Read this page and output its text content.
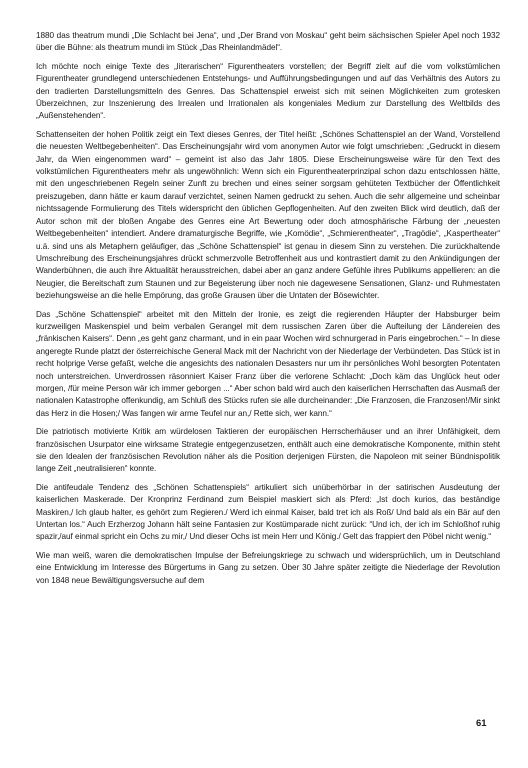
1880 das theatrum mundi „Die Schlacht bei Jena“, und „Der Brand von Moskau“ geht beim sächsischen Spieler Apel noch 1932 über die Bühne: als theatrum mundi im Stück „Das Rheinlandmädel“.

Ich möchte noch einige Texte des „literarischen“ Figurentheaters vorstellen; der Begriff zielt auf die vom volkstümlichen Figurentheater grundlegend unterschiedenen Entstehungs- und Aufführungsbedingungen und auf das Verhältnis des Autors zu den tradierten Darstellungsmitteln des Genres. Das Schattenspiel erweist sich mit seinen Möglichkeiten zum grotesken Überzeichnen, zur Inszenierung des Irrealen und Irrationalen als kongeniales Medium zur Darstellung des Weltbilds des „Außenstehenden“.

Schattenseiten der hohen Politik zeigt ein Text dieses Genres, der Titel heißt: „Schönes Schattenspiel an der Wand, Vorstellend die neuesten Weltbegebenheiten“. Das Erscheinungsjahr wird vom anonymen Autor wie folgt umschrieben: „Gedruckt in diesem Jahr, da Wien eingenommen ward“ – gemeint ist also das Jahr 1805. Diese Erscheinungsweise wäre für den Text des volkstümlichen Figurentheaters mehr als ungewöhnlich: Wenn sich ein Figurentheaterprinzipal schon dazu entschlossen hätte, mit den ungeschriebenen Regeln seiner Zunft zu brechen und eines seiner sorgsam gehüteten Textbücher der Öffentlichkeit preiszugeben, dann hätte er kaum darauf verzichtet, seinen Namen gedruckt zu sehen. Auch die sehr allgemeine und scheinbar nichtssagende Formulierung des Titels widerspricht den üblichen Gepflogenheiten. Auf den zweiten Blick wird deutlich, daß der Autor schon mit der bloßen Angabe des Genres eine Art Bewertung oder doch atmosphärische Färbung der „neuesten Weltbegebenheiten“ intendiert. Andere dramaturgische Begriffe, wie „Komödie“, „Schmierentheater“, „Tragödie“, „Kaspertheater“ u.ä. sind uns als Metaphern geläufiger, das „Schöne Schattenspiel“ ist genau in diesem Sinn zu verstehen. Die zurückhaltende Umschreibung des Erscheinungsjahres drückt schmerzvolle Betroffenheit aus und kontrastiert damit zu den Ankündigungen der Wanderbühnen, die auch ihre Aktualität herausstreichen, dabei aber an ganz andere Gefühle ihres Publikums appellieren: an die Neugier, die Bereitschaft zum Staunen und zur Begeisterung über noch nie dagewesene Sensationen, Glanz- und Ruhmestaten beziehungsweise an die helle Empörung, das große Grausen über die Untaten der Bösewichter.

Das „Schöne Schattenspiel“ arbeitet mit den Mitteln der Ironie, es zeigt die regierenden Häupter der Habsburger beim kurzweiligen Maskenspiel und beim verbalen Gerangel mit dem russischen Zaren über die Aufteilung der Ländereien des „fränkischen Kaisers“. Denn „es geht ganz charmant, und in ein paar Wochen wird schnurgerad in Paris eingebrochen.“ – In diese angeregte Runde platzt der österreichische General Mack mit der Nachricht von der Niederlage der Verbündeten. Das Stück ist in recht holprige Verse gefaßt, welche die angesichts des nationalen Desasters nur um ihr persönliches Wohl besorgten Potentaten noch unterstreichen. Unverdrossen räsonniert Kaiser Franz über die verlorene Schlacht: „Doch käm das Unglück heut oder morgen, /für meine Person wär ich immer geborgen ...“ Aber schon bald wird auch den kaiserlichen Herrschaften das Ausmaß der nationalen Katastrophe offenkundig, am Schluß des Stücks rufen sie alle durcheinander: „Die Franzosen, die Franzosen!/Mir sinkt das Herz in die Hosen;/ Was fangen wir arme Teufel nur an,/ Rette sich, wer kann.“

Die patriotisch motivierte Kritik am würdelosen Taktieren der europäischen Herrscherhäuser und an ihrer Unfähigkeit, dem französischen Usurpator eine wirksame Strategie entgegenzusetzen, enthält auch eine demokratische Komponente, mithin steht sie den Idealen der französischen Revolution näher als die Position derjenigen Fürsten, die Napoleon mit seiner Bündnispolitik lange Zeit „neutralisieren“ konnte.

Die antifeudale Tendenz des „Schönen Schattenspiels“ artikuliert sich unüberhörbar in der satirischen Ausdeutung der kaiserlichen Maskerade. Der Kronprinz Ferdinand zum Beispiel maskiert sich als Pferd: „Ist doch kurios, das beständige Maskiren,/ Ich glaub halter, es gehört zum Regieren./ Werd ich einmal Kaiser, bald tret ich als Roß/ Und bald als ein Bär auf den Untertan los.“ Auch Erzherzog Johann hält seine Fantasien zur Kostümparade nicht zurück: “Und ich, der ich im Schloßhof ruhig spazir,/auf einmal spricht ein Ochs zu mir,/ Und dieser Ochs ist mein Herr und König./ Gelt das frappiert den Pöbel nicht wenig.“

Wie man weiß, waren die demokratischen Impulse der Befreiungskriege zu schwach und widersprüchlich, um in Deutschland eine Entwicklung im Interesse des Bürgertums in Gang zu setzen. Über 30 Jahre später zeitigte die Niederlage der Revolution von 1848 neue Bewältigungsversuche auf dem

61
